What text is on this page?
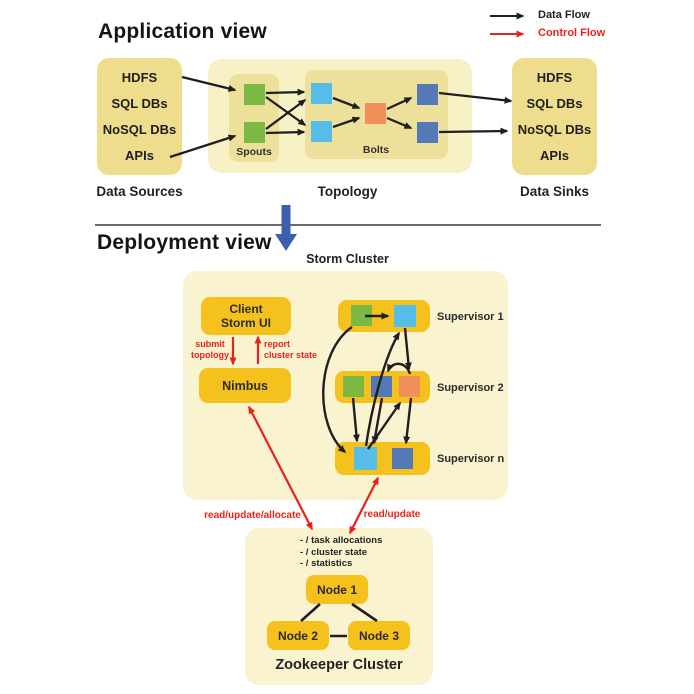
Application view
Data Flow
Control Flow
HDFS
SQL DBs
NoSQL DBs
APIs
Data Sources
Spouts	Bolts
Topology
HDFS
SQL DBs
NoSQL DBs
APIs
Data Sinks
Deployment view
Storm Cluster
Client
Storm UI
Nimbus
submit
topology
report
cluster state
Supervisor 1
Supervisor 2
Supervisor n
read/update/allocate	read/update
- / task allocations
- / cluster state
- / statistics
Node 1
Node 2	Node 3
Zookeeper Cluster
